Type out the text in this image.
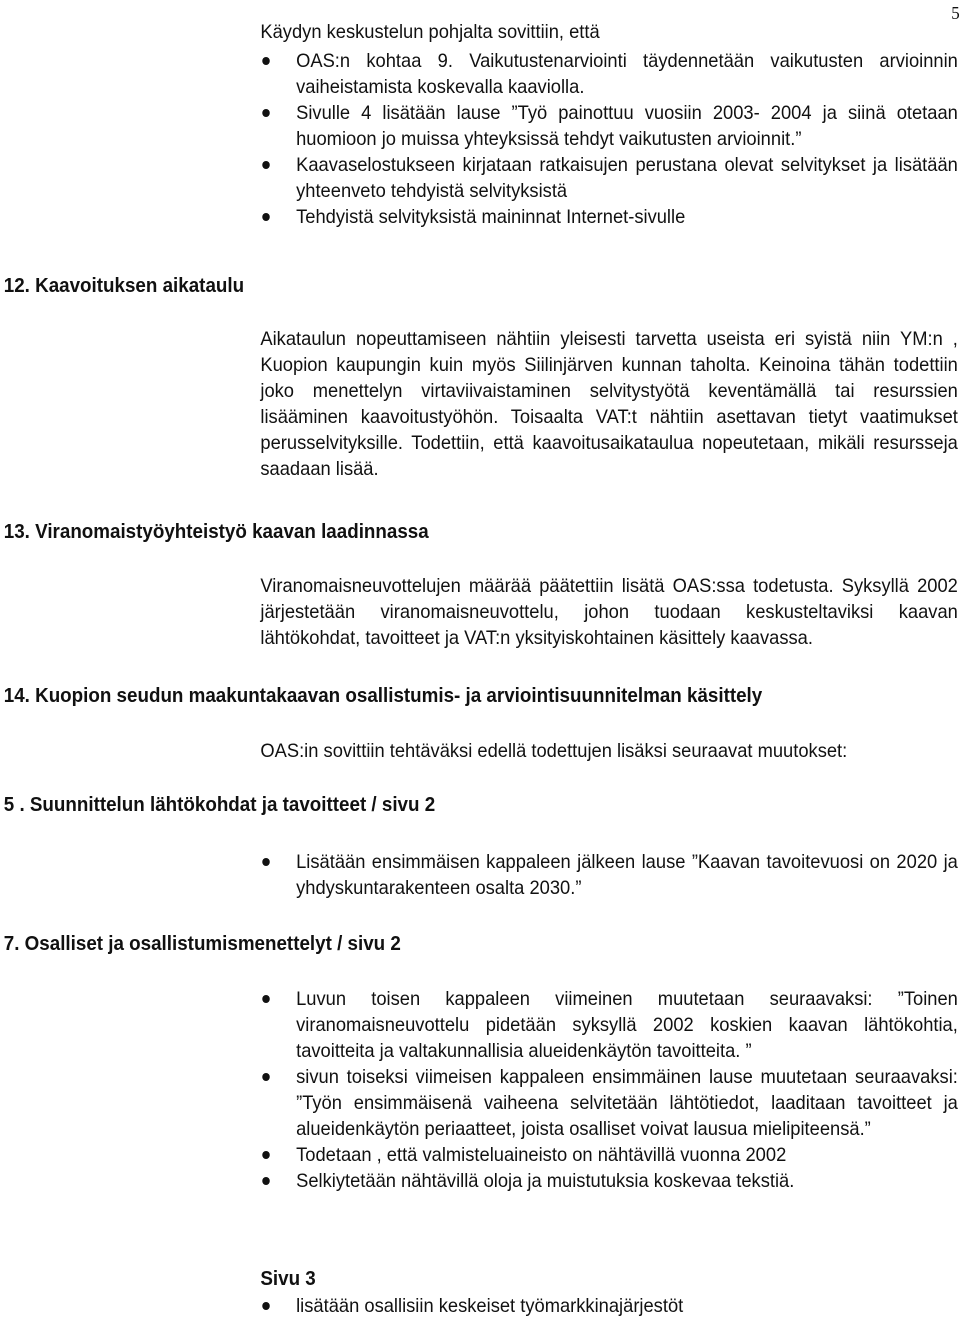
5
Käydyn keskustelun pohjalta sovittiin, että
OAS:n kohtaa 9. Vaikutustenarviointi täydennetään vaikutusten arvioinnin vaiheistamista koskevalla kaaviolla.
Sivulle 4 lisätään lause ”Työ painottuu vuosiin 2003- 2004 ja siinä otetaan huomioon jo muissa yhteyksissä tehdyt vaikutusten arvioinnit.”
Kaavaselostukseen kirjataan ratkaisujen perustana olevat selvitykset ja lisätään yhteenveto tehdyistä selvityksistä
Tehdyistä selvityksistä maininnat Internet-sivulle
12. Kaavoituksen aikataulu
Aikataulun nopeuttamiseen nähtiin yleisesti tarvetta useista eri syistä niin YM:n , Kuopion kaupungin kuin myös Siilinjärven kunnan taholta. Keinoina tähän todettiin joko menettelyn virtaviivaistaminen selvitystyötä keventämällä tai resurssien lisääminen kaavoitustyöhön. Toisaalta VAT:t nähtiin asettavan tietyt vaatimukset perusselvityksille. Todettiin, että kaavoitusaikataulua nopeutetaan, mikäli resursseja saadaan lisää.
13. Viranomaistyöyhteistyö kaavan laadinnassa
Viranomaisneuvottelujen määrää päätettiin lisätä OAS:ssa todetusta. Syksyllä 2002 järjestetään viranomaisneuvottelu, johon tuodaan keskusteltaviksi kaavan lähtökohdat, tavoitteet ja VAT:n yksityiskohtainen käsittely kaavassa.
14. Kuopion seudun maakuntakaavan osallistumis- ja arviointisuunnitelman käsittely
OAS:in sovittiin tehtäväksi edellä todettujen lisäksi seuraavat muutokset:
5 . Suunnittelun lähtökohdat ja tavoitteet / sivu 2
Lisätään ensimmäisen kappaleen jälkeen lause ”Kaavan tavoitevuosi on 2020 ja yhdyskuntarakenteen osalta 2030.”
7. Osalliset ja osallistumismenettelyt / sivu 2
Luvun toisen kappaleen viimeinen muutetaan seuraavaksi: ”Toinen viranomaisneuvottelu pidetään syksyllä 2002 koskien kaavan lähtökohtia, tavoitteita ja valtakunnallisia alueidenkäytön tavoitteita. ”
sivun toiseksi viimeisen kappaleen ensimmäinen lause muutetaan seuraavaksi: ”Työn ensimmäisenä vaiheena selvitetään lähtötiedot, laaditaan tavoitteet ja alueidenkäytön periaatteet, joista osalliset voivat lausua mielipiteensä.”
Todetaan , että valmisteluaineisto on nähtävillä vuonna 2002
Selkiytetään nähtävillä oloja ja muistutuksia koskevaa tekstiä.
Sivu 3
lisätään osallisiin keskeiset työmarkkinajärjestöt
